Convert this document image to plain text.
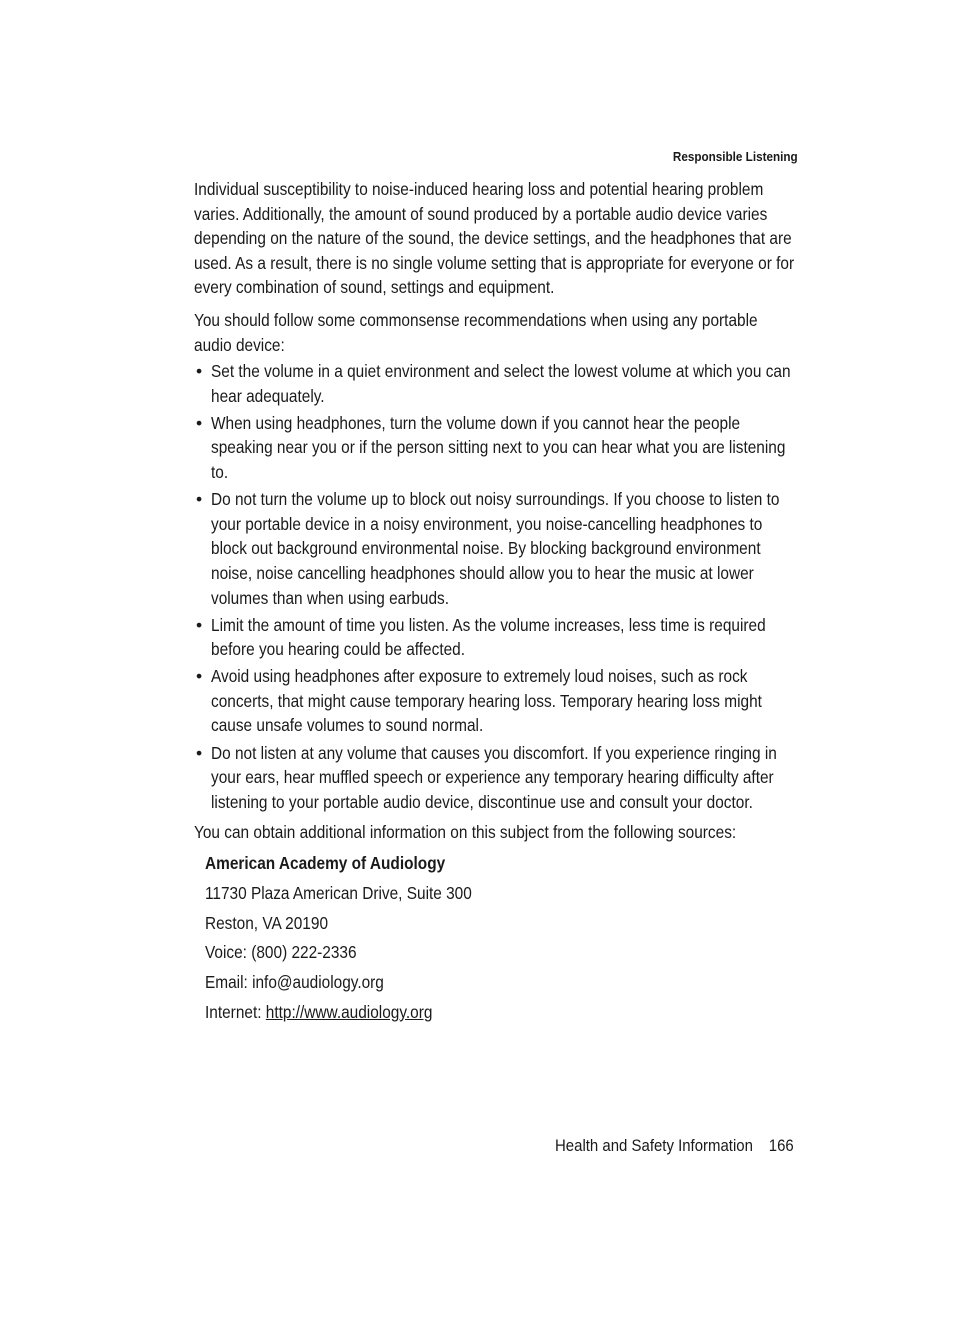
Responsible Listening

Individual susceptibility to noise-induced hearing loss and potential hearing problem varies. Additionally, the amount of sound produced by a portable audio device varies depending on the nature of the sound, the device settings, and the headphones that are used. As a result, there is no single volume setting that is appropriate for everyone or for every combination of sound, settings and equipment.

You should follow some commonsense recommendations when using any portable audio device:

• Set the volume in a quiet environment and select the lowest volume at which you can hear adequately.
• When using headphones, turn the volume down if you cannot hear the people speaking near you or if the person sitting next to you can hear what you are listening to.
• Do not turn the volume up to block out noisy surroundings. If you choose to listen to your portable device in a noisy environment, you noise-cancelling headphones to block out background environmental noise. By blocking background environment noise, noise cancelling headphones should allow you to hear the music at lower volumes than when using earbuds.
• Limit the amount of time you listen. As the volume increases, less time is required before you hearing could be affected.
• Avoid using headphones after exposure to extremely loud noises, such as rock concerts, that might cause temporary hearing loss. Temporary hearing loss might cause unsafe volumes to sound normal.
• Do not listen at any volume that causes you discomfort. If you experience ringing in your ears, hear muffled speech or experience any temporary hearing difficulty after listening to your portable audio device, discontinue use and consult your doctor.

You can obtain additional information on this subject from the following sources:

American Academy of Audiology
11730 Plaza American Drive, Suite 300
Reston, VA 20190
Voice: (800) 222-2336
Email: info@audiology.org
Internet: http://www.audiology.org
Health and Safety Information 166
